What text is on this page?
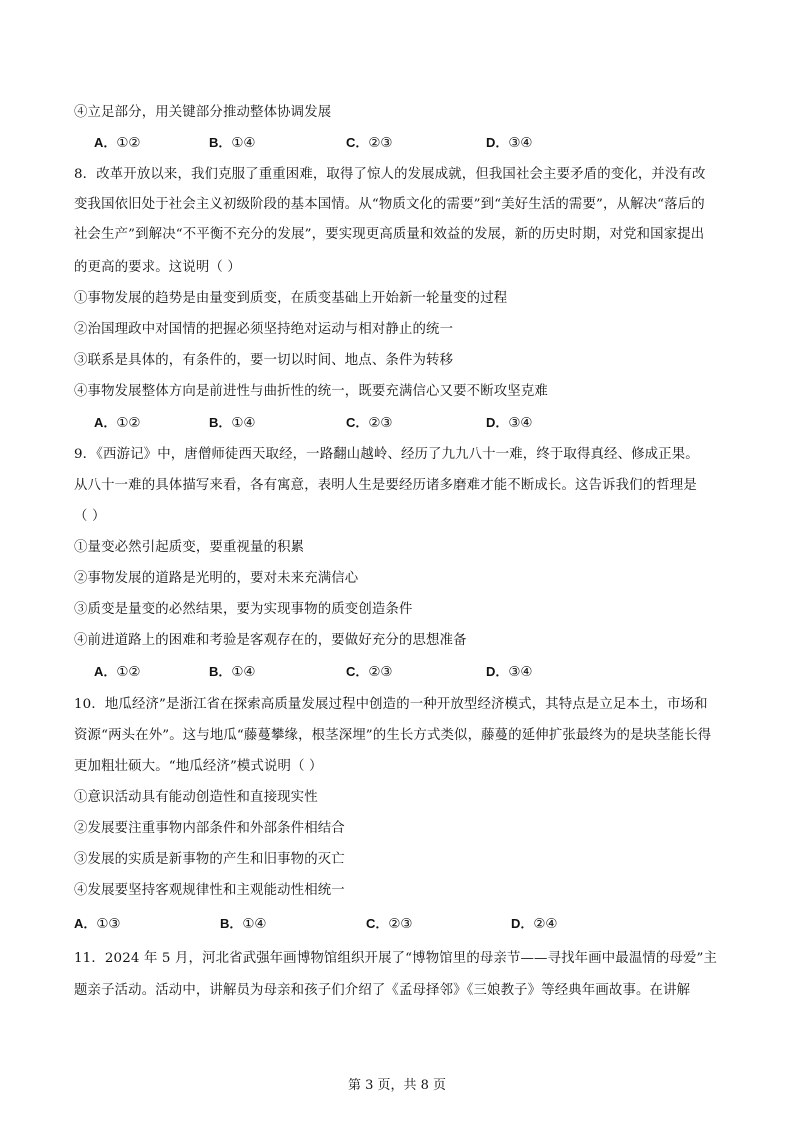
④立足部分，用关键部分推动整体协调发展
A．①②	B．①④	C．②③	D．③④
8．改革开放以来，我们克服了重重困难，取得了惊人的发展成就，但我国社会主要矛盾的变化，并没有改
变我国依旧处于社会主义初级阶段的基本国情。从“物质文化的需要”到“美好生活的需要”，从解决“落后的
社会生产”到解决“不平衡不充分的发展”，要实现更高质量和效益的发展，新的历史时期，对党和国家提出
的更高的要求。这说明（ ）
①事物发展的趋势是由量变到质变，在质变基础上开始新一轮量变的过程
②治国理政中对国情的把握必须坚持绝对运动与相对静止的统一
③联系是具体的，有条件的，要一切以时间、地点、条件为转移
④事物发展整体方向是前进性与曲折性的统一，既要充满信心又要不断攻坚克难
A．①②	B．①④	C．②③	D．③④
9．《西游记》中，唐僧师徒西天取经，一路翻山越岭、经历了九九八十一难，终于取得真经、修成正果。
从八十一难的具体描写来看，各有寓意，表明人生是要经历诸多磨难才能不断成长。这告诉我们的哲理是
（ ）
①量变必然引起质变，要重视量的积累
②事物发展的道路是光明的，要对未来充满信心
③质变是量变的必然结果，要为实现事物的质变创造条件
④前进道路上的困难和考验是客观存在的，要做好充分的思想准备
A．①②	B．①④	C．②③	D．③④
10．地瓜经济”是浙江省在探索高质量发展过程中创造的一种开放型经济模式，其特点是立足本土，市场和
资源“两头在外”。这与地瓜“藤蔓攀缘，根茎深埋”的生长方式类似，藤蔓的延伸扩张最终为的是块茎能长得
更加粗壮硕大。“地瓜经济”模式说明（ ）
①意识活动具有能动创造性和直接现实性
②发展要注重事物内部条件和外部条件相结合
③发展的实质是新事物的产生和旧事物的灭亡
④发展要坚持客观规律性和主观能动性相统一
A．①③	B．①④	C．②③	D．②④
11．2024 年 5 月，河北省武强年画博物馆组织开展了“博物馆里的母亲节——寻找年画中最温情的母爱”主
题亲子活动。活动中，讲解员为母亲和孩子们介绍了《孟母择邻》《三娘教子》等经典年画故事。在讲解
第 3 页，共 8 页
